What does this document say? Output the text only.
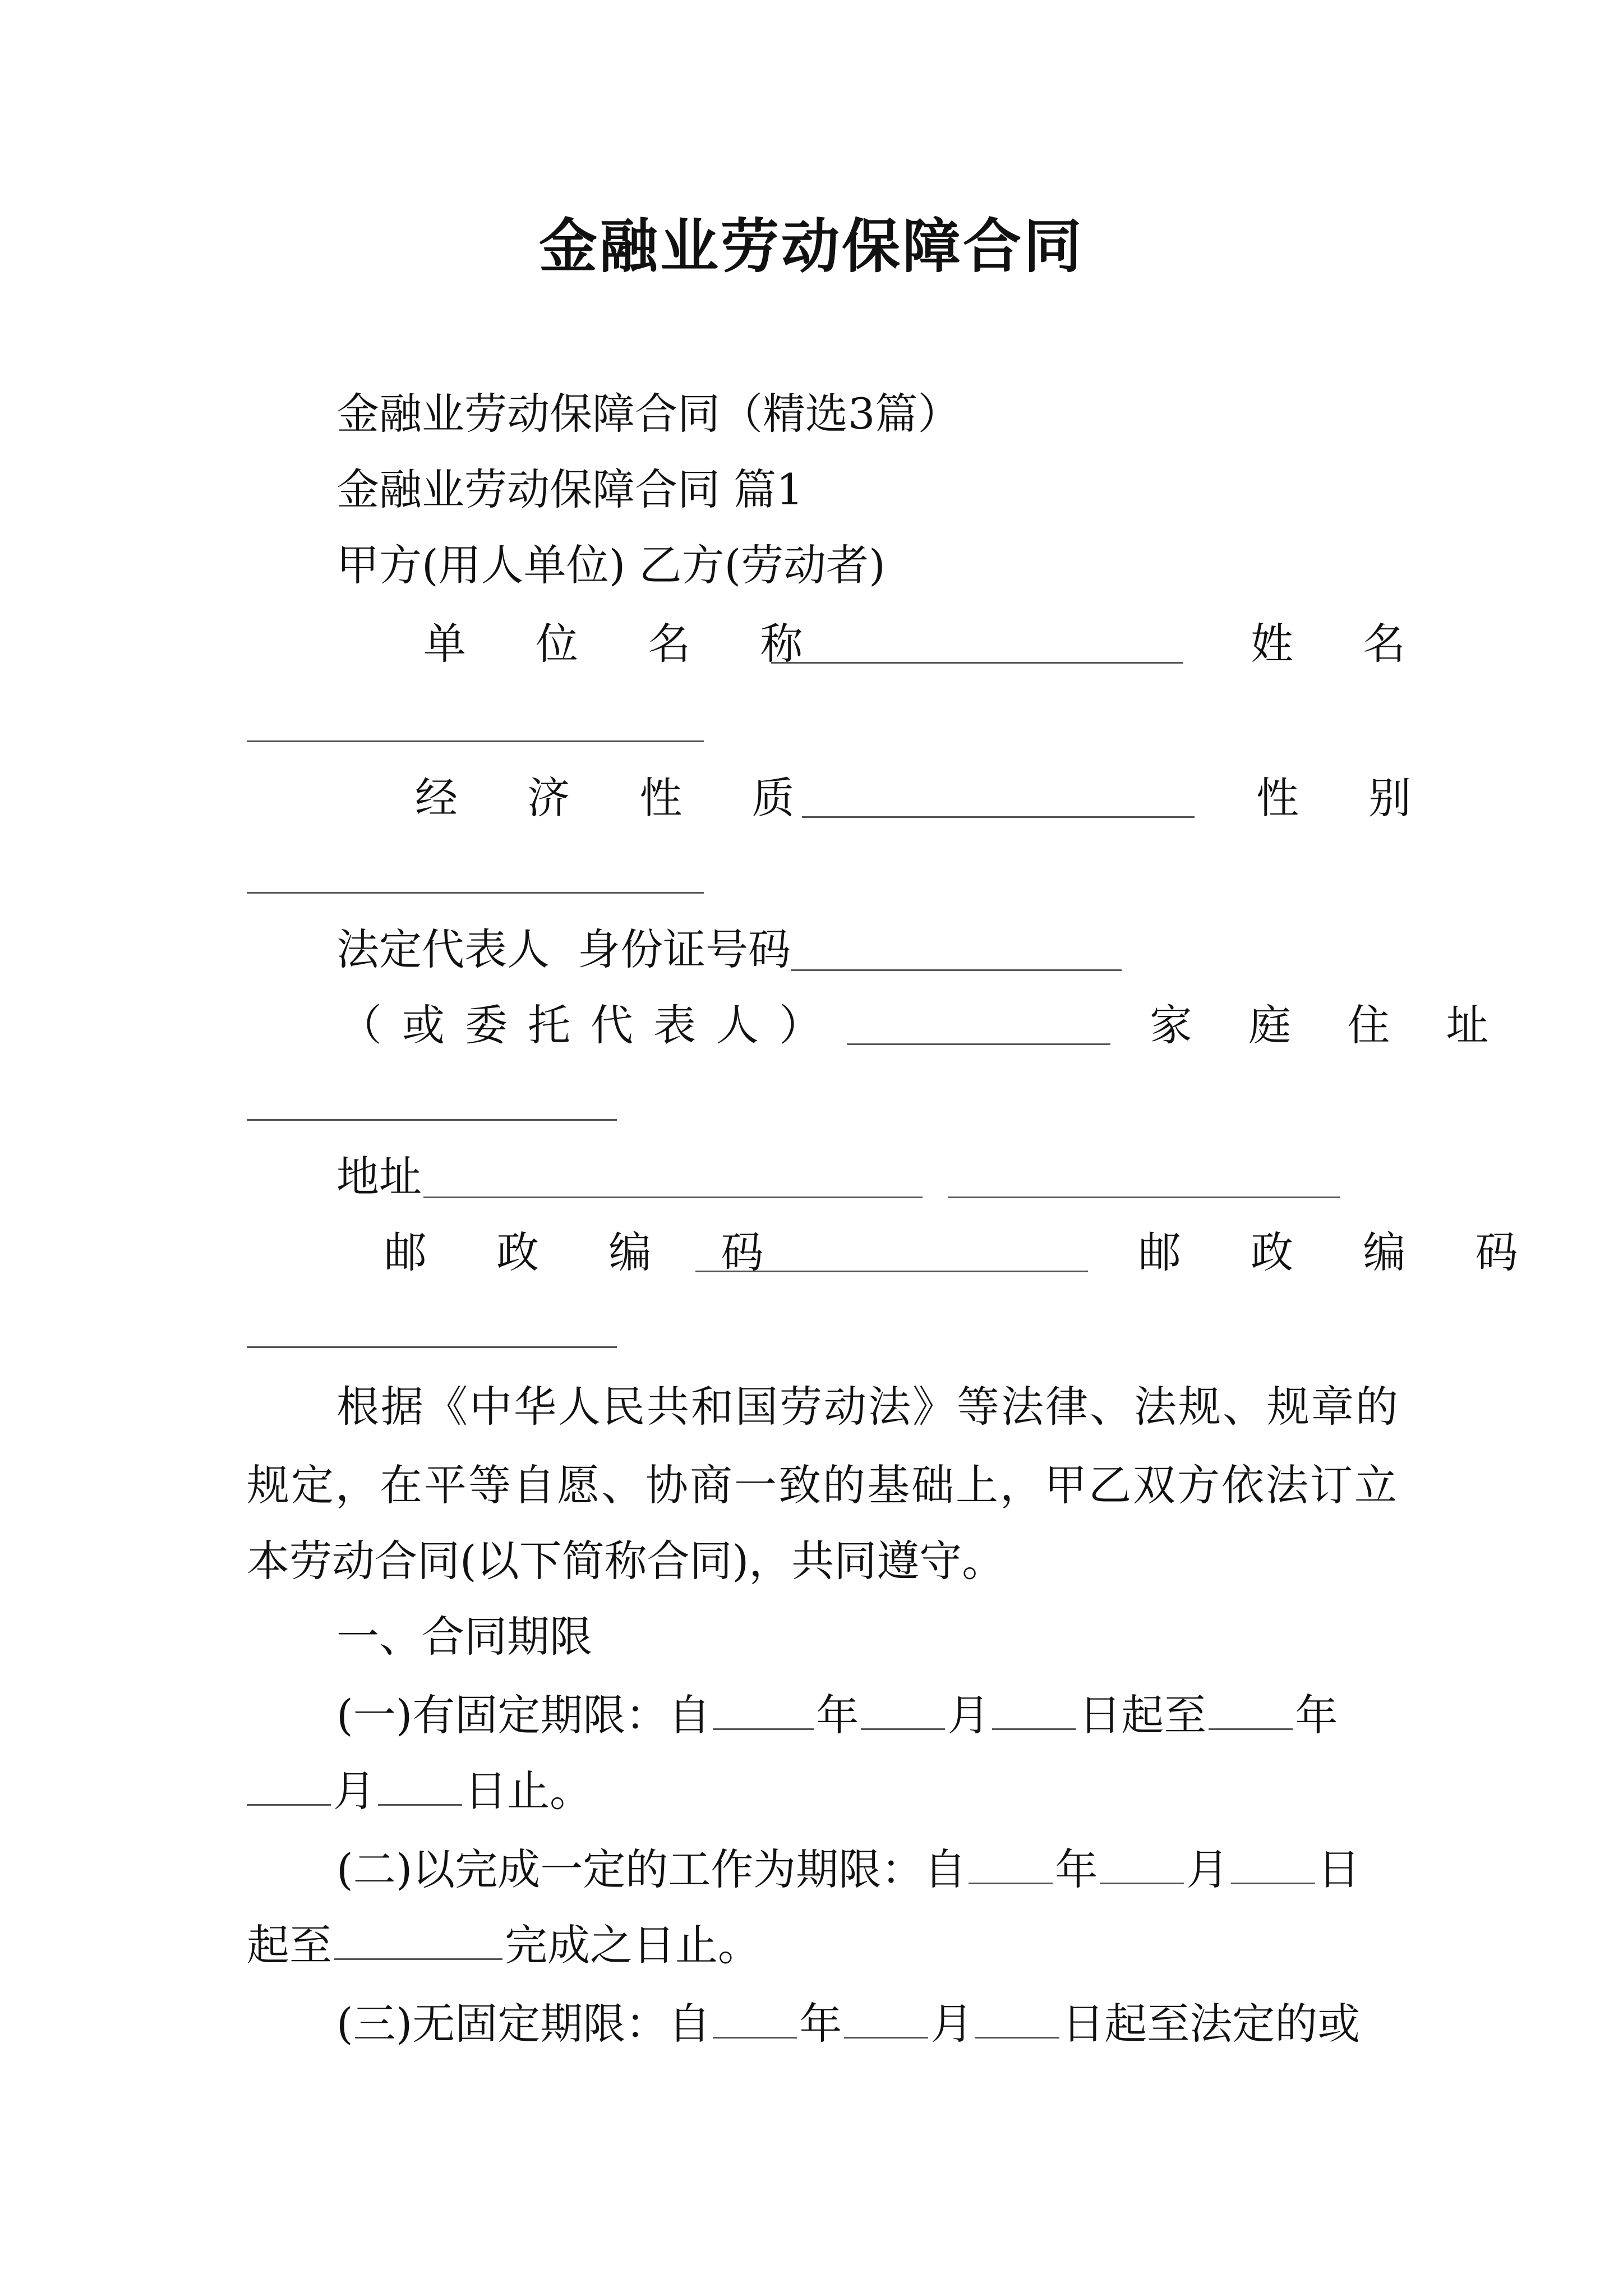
金融业劳动保障合同
金融业劳动保障合同（精选3篇）
金融业劳动保障合同 篇1
甲方(用人单位) 乙方(劳动者)
单 位 名 称	姓 名
经 济 性 质	性 别
法定代表人 身份证号码
（或委托代表人）	家 庭 住 址
地址
邮 政 编 码	邮 政 编 码
根据《中华人民共和国劳动法》等法律、法规、规章的
规定，在平等自愿、协商一致的基础上，甲乙双方依法订立
本劳动合同(以下简称合同)，共同遵守。
一、合同期限
(一)有固定期限：自 年 月 日起至 年
月 日止。
(二)以完成一定的工作为期限：自 年 月 日
起至	完成之日止。
(三)无固定期限：自 年 月 日起至法定的或
